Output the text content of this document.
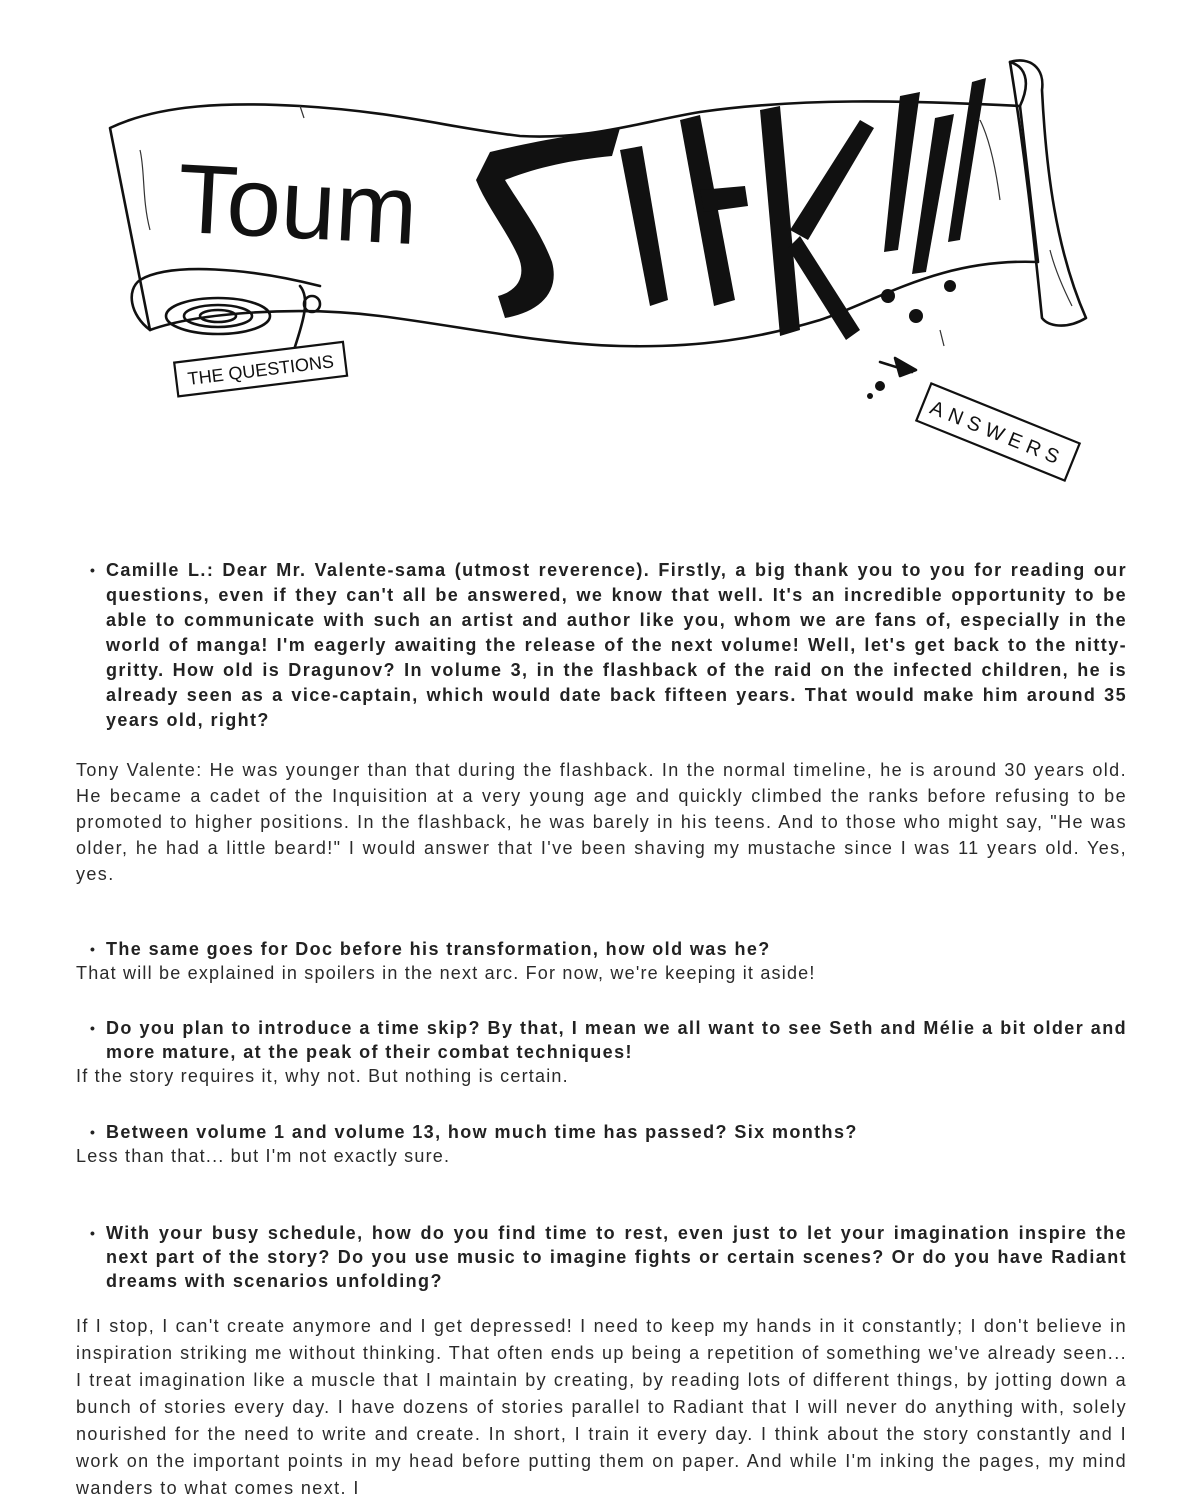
Toum
THE QUESTIONS
ANSWERS

• Camille L.: Dear Mr. Valente-sama (utmost reverence). Firstly, a big thank you to you for reading our questions, even if they can't all be answered, we know that well. It's an incredible opportunity to be able to communicate with such an artist and author like you, whom we are fans of, especially in the world of manga! I'm eagerly awaiting the release of the next volume! Well, let's get back to the nitty-gritty. How old is Dragunov? In volume 3, in the flashback of the raid on the infected children, he is already seen as a vice-captain, which would date back fifteen years. That would make him around 35 years old, right?

Tony Valente: He was younger than that during the flashback. In the normal timeline, he is around 30 years old. He became a cadet of the Inquisition at a very young age and quickly climbed the ranks before refusing to be promoted to higher positions. In the flashback, he was barely in his teens. And to those who might say, "He was older, he had a little beard!" I would answer that I've been shaving my mustache since I was 11 years old. Yes, yes.

• The same goes for Doc before his transformation, how old was he?

That will be explained in spoilers in the next arc. For now, we're keeping it aside!

• Do you plan to introduce a time skip? By that, I mean we all want to see Seth and Mélie a bit older and more mature, at the peak of their combat techniques!

If the story requires it, why not. But nothing is certain.

• Between volume 1 and volume 13, how much time has passed? Six months?

Less than that... but I'm not exactly sure.

• With your busy schedule, how do you find time to rest, even just to let your imagination inspire the next part of the story? Do you use music to imagine fights or certain scenes? Or do you have Radiant dreams with scenarios unfolding?

If I stop, I can't create anymore and I get depressed! I need to keep my hands in it constantly; I don't believe in inspiration striking me without thinking. That often ends up being a repetition of something we've already seen... I treat imagination like a muscle that I maintain by creating, by reading lots of different things, by jotting down a bunch of stories every day. I have dozens of stories parallel to Radiant that I will never do anything with, solely nourished for the need to write and create. In short, I train it every day. I think about the story constantly and I work on the important points in my head before putting them on paper. And while I'm inking the pages, my mind wanders to what comes next. I
